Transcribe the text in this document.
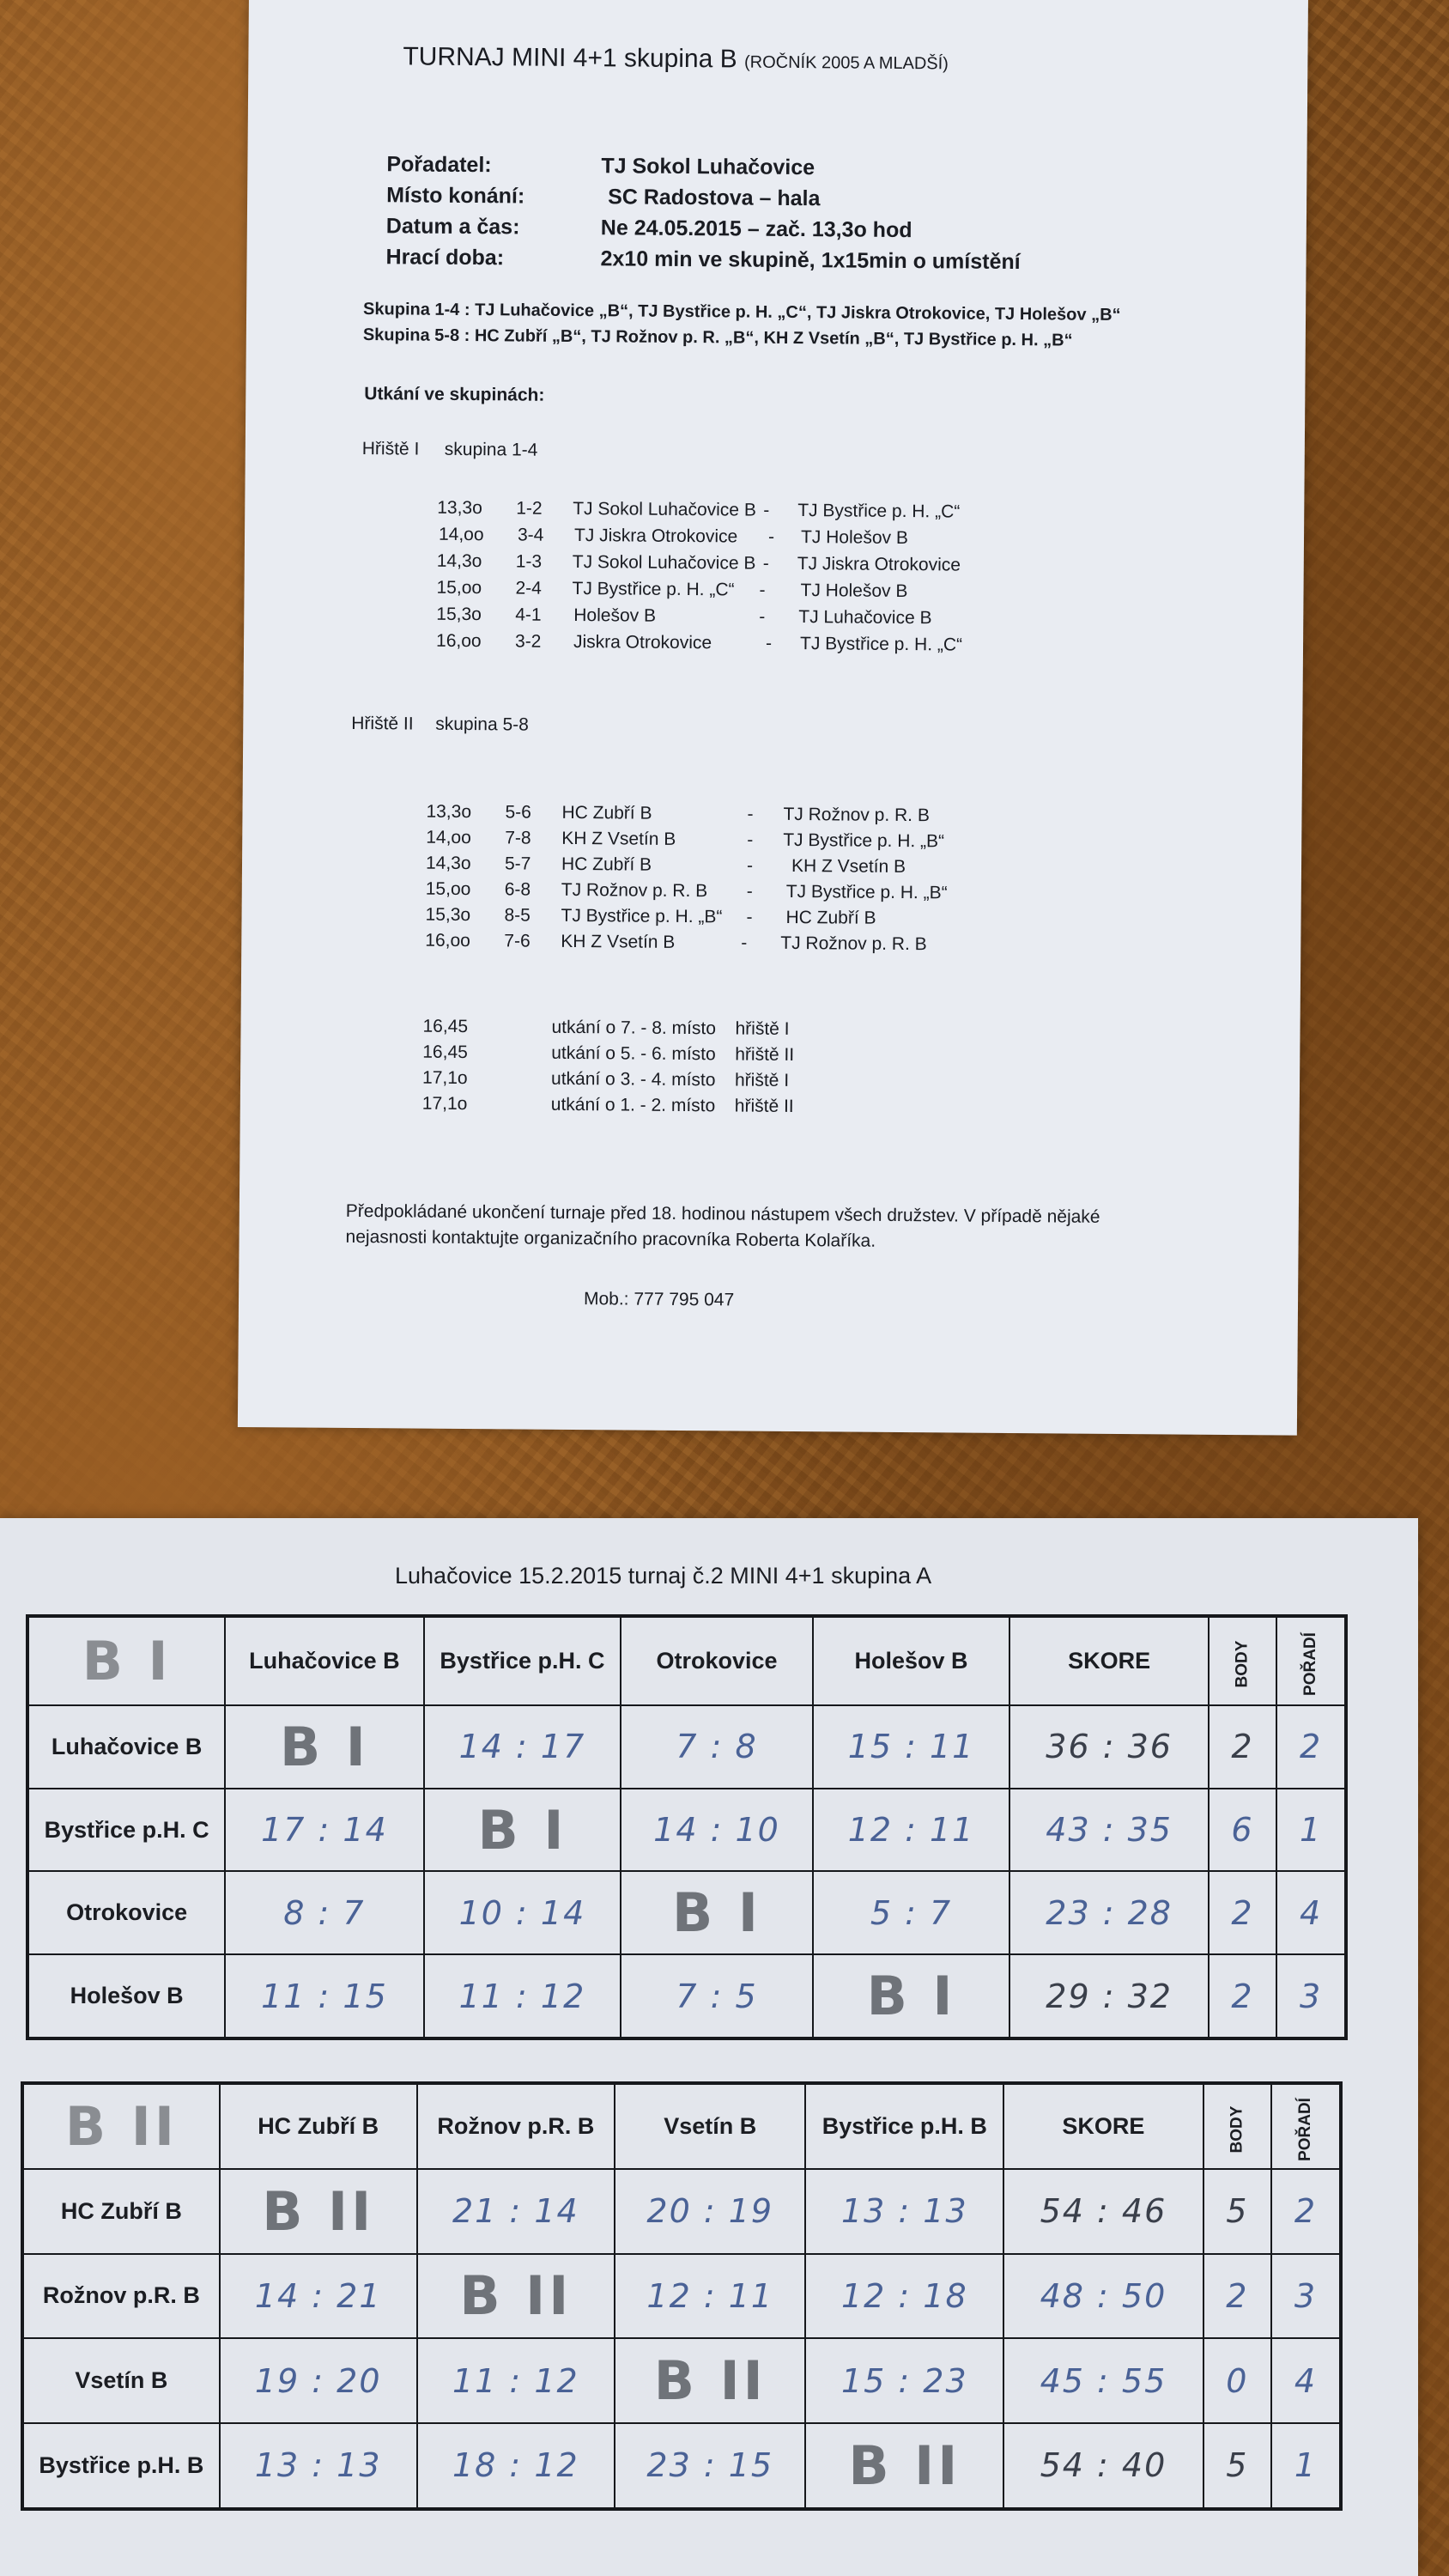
TURNAJ MINI 4+1 skupina B (ROČNÍK 2005 A MLADŠÍ)
Pořadatel:	TJ Sokol Luhačovice
Místo konání:	SC Radostova – hala
Datum a čas:	Ne 24.05.2015 – zač. 13,3o hod
Hrací doba:	2x10 min ve skupině, 1x15min o umístění
Skupina 1-4 : TJ Luhačovice „B“, TJ Bystřice p. H. „C“, TJ Jiskra Otrokovice, TJ Holešov „B“
Skupina 5-8 : HC Zubří „B“, TJ Rožnov p. R. „B“, KH Z Vsetín „B“, TJ Bystřice p. H. „B“
Utkání ve skupinách:
Hřiště I skupina 1-4
13,3o 1-2 TJ Sokol Luhačovice B - TJ Bystřice p. H. „C“
14,oo 3-4 TJ Jiskra Otrokovice - TJ Holešov B
14,3o 1-3 TJ Sokol Luhačovice B - TJ Jiskra Otrokovice
15,oo 2-4 TJ Bystřice p. H. „C“ - TJ Holešov B
15,3o 4-1 Holešov B	- TJ Luhačovice B
16,oo 3-2 Jiskra Otrokovice	- TJ Bystřice p. H. „C“
Hřiště II skupina 5-8
13,3o 5-6 HC Zubří B	- TJ Rožnov p. R. B
14,oo 7-8 KH Z Vsetín B	- TJ Bystřice p. H. „B“
14,3o 5-7 HC Zubří B	- KH Z Vsetín B
15,oo 6-8 TJ Rožnov p. R. B - TJ Bystřice p. H. „B“
15,3o 8-5 TJ Bystřice p. H. „B“ - HC Zubří B
16,oo 7-6 KH Z Vsetín B	- TJ Rožnov p. R. B
16,45	utkání o 7. - 8. místo hřiště I
16,45	utkání o 5. - 6. místo hřiště II
17,1o	utkání o 3. - 4. místo hřiště I
17,1o	utkání o 1. - 2. místo hřiště II
Předpokládané ukončení turnaje před 18. hodinou nástupem všech družstev. V případě nějaké
nejasnosti kontaktujte organizačního pracovníka Roberta Kolaříka.
Mob.: 777 795 047
Luhačovice 15.2.2015 turnaj č.2 MINI 4+1 skupina A
B I	Luhačovice B	Bystřice p.H. C	Otrokovice	Holešov B	SKORE	BODY	POŘADÍ
Luhačovice B	B I	14 : 17	7 : 8	15 : 11	36 : 36	2	2
Bystřice p.H. C	17 : 14	B I	14 : 10	12 : 11	43 : 35	6	1
Otrokovice	8 : 7	10 : 14	B I	5 : 7	23 : 28	2	4
Holešov B	11 : 15	11 : 12	7 : 5	B I	29 : 32	2	3
B II	HC Zubří B	Rožnov p.R. B	Vsetín B	Bystřice p.H. B	SKORE	BODY	POŘADÍ
HC Zubří B	B II	21 : 14	20 : 19	13 : 13	54 : 46	5	2
Rožnov p.R. B	14 : 21	B II	12 : 11	12 : 18	48 : 50	2	3
Vsetín B	19 : 20	11 : 12	B II	15 : 23	45 : 55	0	4
Bystřice p.H. B	13 : 13	18 : 12	23 : 15	B II	54 : 40	5	1
